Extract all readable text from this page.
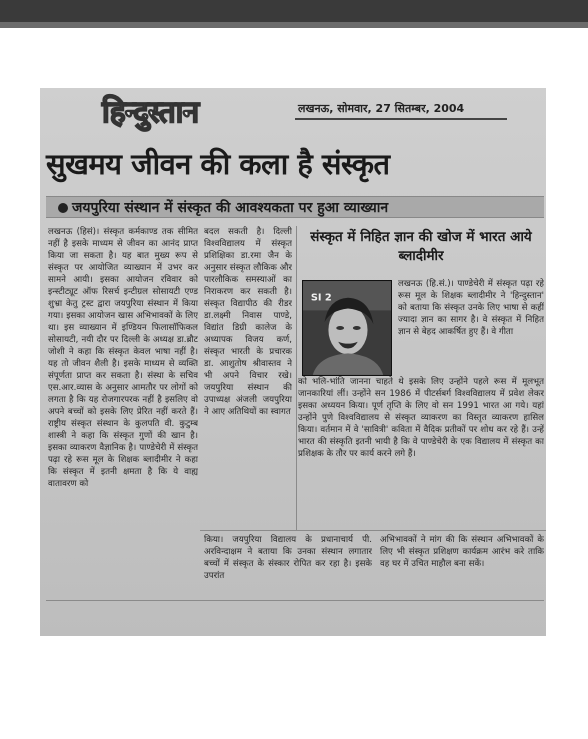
हिन्दुस्तान	लखनऊ, सोमवार, 27 सितम्बर, 2004
सुखमय जीवन की कला है संस्कृत
जयपुरिया संस्थान में संस्कृत की आवश्यकता पर हुआ व्याख्यान
लखनऊ (हिसं)। संस्कृत कर्मकाण्ड तक सीमित नहीं है इसके माध्यम से जीवन का आनंद प्राप्त किया जा सकता है। यह बात मुख्य रूप से संस्कृत पर आयोजित व्याख्यान में उभर कर सामने आयी। इसका आयोजन रविवार को इन्स्टीट्यूट ऑफ रिसर्च इन्टीग्रल सोसायटी एण्ड शुभ्रा केतु ट्रस्ट द्वारा जयपुरिया संस्थान में किया गया। इसका आयोजन खास अभिभावकों के लिए था। इस व्याख्यान में इण्डियन फिलासॉफिकल सोसायटी, नयी दौर पर दिल्ली के अध्यक्ष डा.ब्रौट जोशी ने कहा कि संस्कृत केवल भाषा नहीं है। यह तो जीवन शैली है। इसके माध्यम से व्यक्ति संपूर्णता प्राप्त कर सकता है। संस्था के सचिव एस.आर.व्यास के अनुसार आमतौर पर लोगों को लगता है कि यह रोजगारपरक नहीं है इसलिए वो अपने बच्चों को इसके लिए प्रेरित नहीं करते हैं। राष्ट्रीय संस्कृत संस्थान के कुलपति वी. कुटुम्ब शास्त्री ने कहा कि संस्कृत गुणों की खान है। इसका व्याकरण वैज्ञानिक है। पाण्डेचेरी में संस्कृत पढ़ा रहे रूस मूल के शिक्षक ब्लादीमीर ने कहा कि संस्कृत में इतनी क्षमता है कि ये वाह्य वातावरण को
बदल सकती है। दिल्ली विश्वविद्यालय में संस्कृत प्रशिक्षिका डा.रमा जैन के अनुसार संस्कृत लौकिक और पारलौकिक समस्याओं का निराकरण कर सकती है। संस्कृत विद्यापीठ की रीडर डा.लक्ष्मी निवास पाण्डे, विद्यांत डिग्री कालेज के अध्यापक विजय कर्ण, संस्कृत भारती के प्रचारक डा. आशुतोष श्रीवास्तव ने भी अपने विचार रखे। जयपुरिया संस्थान की उपाध्यक्ष अंजली जयपुरिया ने आए अतिथियों का स्वागत
संस्कृत में निहित ज्ञान की खोज में भारत आये ब्लादीमीर
SI 2
लखनऊ (हि.सं.)। पाण्डेचेरी में संस्कृत पढ़ा रहे रूस मूल के शिक्षक ब्लादीमीर ने 'हिन्दुस्तान' को बताया कि संस्कृत उनके लिए भाषा से कहीं ज्यादा ज्ञान का सागर है। वे संस्कृत में निहित ज्ञान से बेहद आकर्षित हुए हैं। वे गीता
को भलि-भांति जानना चाहते थे इसके लिए उन्होंने पहले रूस में मूलभूत जानकारियां लीं। उन्होंने सन 1986 में पीटर्सबर्ग विश्वविद्यालय में प्रवेश लेकर इसका अध्ययन किया। पूर्ण तृप्ति के लिए वो सन 1991 भारत आ गये। यहां उन्होंने पुणे विश्वविद्यालय से संस्कृत व्याकरण का विस्तृत व्याकरण हासिल किया। वर्तमान में वे 'सावित्री' कविता में वैदिक प्रतीकों पर शोध कर रहे हैं। उन्हें भारत की संस्कृति इतनी भायी है कि वे पाण्डेचेरी के एक विद्यालय में संस्कृत का प्रशिक्षक के तौर पर कार्य करने लगे हैं।
किया। जयपुरिया विद्यालय के प्रधानाचार्य पी. अरविन्दाक्षम ने बताया कि उनका संस्थान लगातार बच्चों में संस्कृत के संस्कार रोपित कर रहा है। इसके उपरांत
अभिभावकों ने मांग की कि संस्थान अभिभावकों के लिए भी संस्कृत प्रशिक्षण कार्यक्रम आरंभ करे ताकि वह घर में उचित माहौल बना सकें।
